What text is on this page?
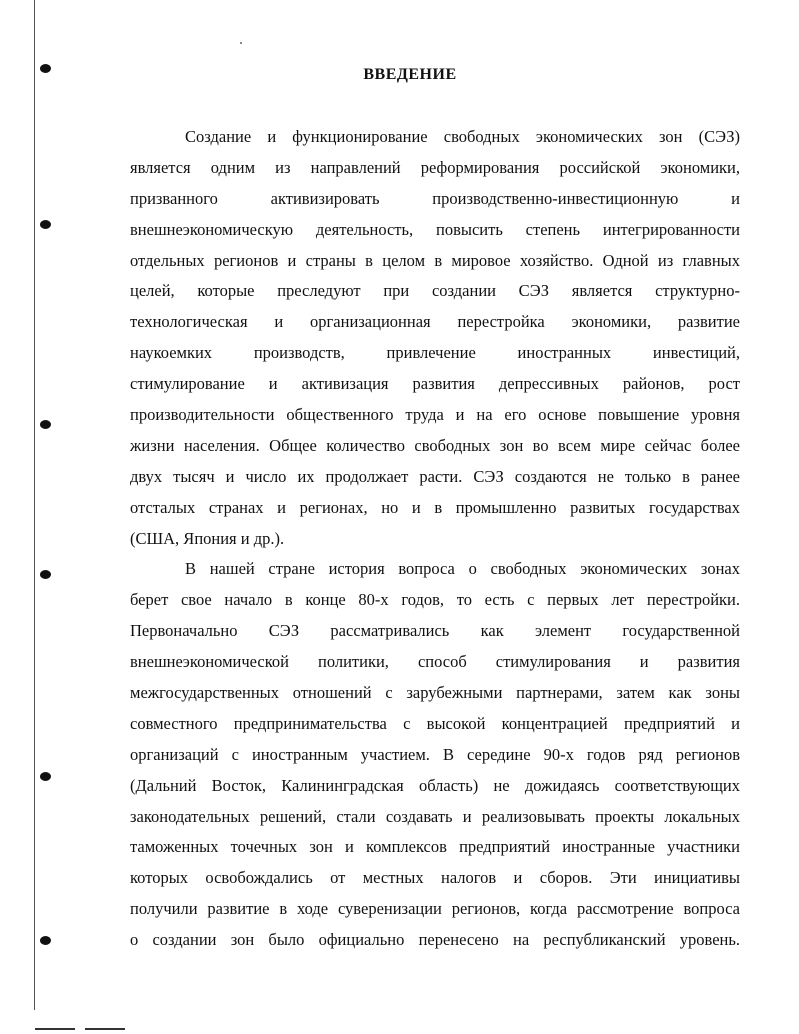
ВВЕДЕНИЕ
Создание и функционирование свободных экономических зон (СЭЗ)
является одним из направлений реформирования российской экономики,
призванного активизировать производственно-инвестиционную и
внешнеэкономическую деятельность, повысить степень интегрированности
отдельных регионов и страны в целом в мировое хозяйство. Одной из главных
целей, которые преследуют при создании СЭЗ является структурно-
технологическая и организационная перестройка экономики, развитие
наукоемких производств, привлечение иностранных инвестиций,
стимулирование и активизация развития депрессивных районов, рост
производительности общественного труда и на его основе повышение уровня
жизни населения. Общее количество свободных зон во всем мире сейчас более
двух тысяч и число их продолжает расти. СЭЗ создаются не только в ранее
отсталых странах и регионах, но и в промышленно развитых государствах
(США, Япония и др.).
В нашей стране история вопроса о свободных экономических зонах
берет свое начало в конце 80-х годов, то есть с первых лет перестройки.
Первоначально СЭЗ рассматривались как элемент государственной
внешнеэкономической политики, способ стимулирования и развития
межгосударственных отношений с зарубежными партнерами, затем как зоны
совместного предпринимательства с высокой концентрацией предприятий и
организаций с иностранным участием. В середине 90-х годов ряд регионов
(Дальний Восток, Калининградская область) не дожидаясь соответствующих
законодательных решений, стали создавать и реализовывать проекты локальных
таможенных точечных зон и комплексов предприятий иностранные участники
которых освобождались от местных налогов и сборов. Эти инициативы
получили развитие в ходе суверенизации регионов, когда рассмотрение вопроса
о создании зон было официально перенесено на республиканский уровень.
